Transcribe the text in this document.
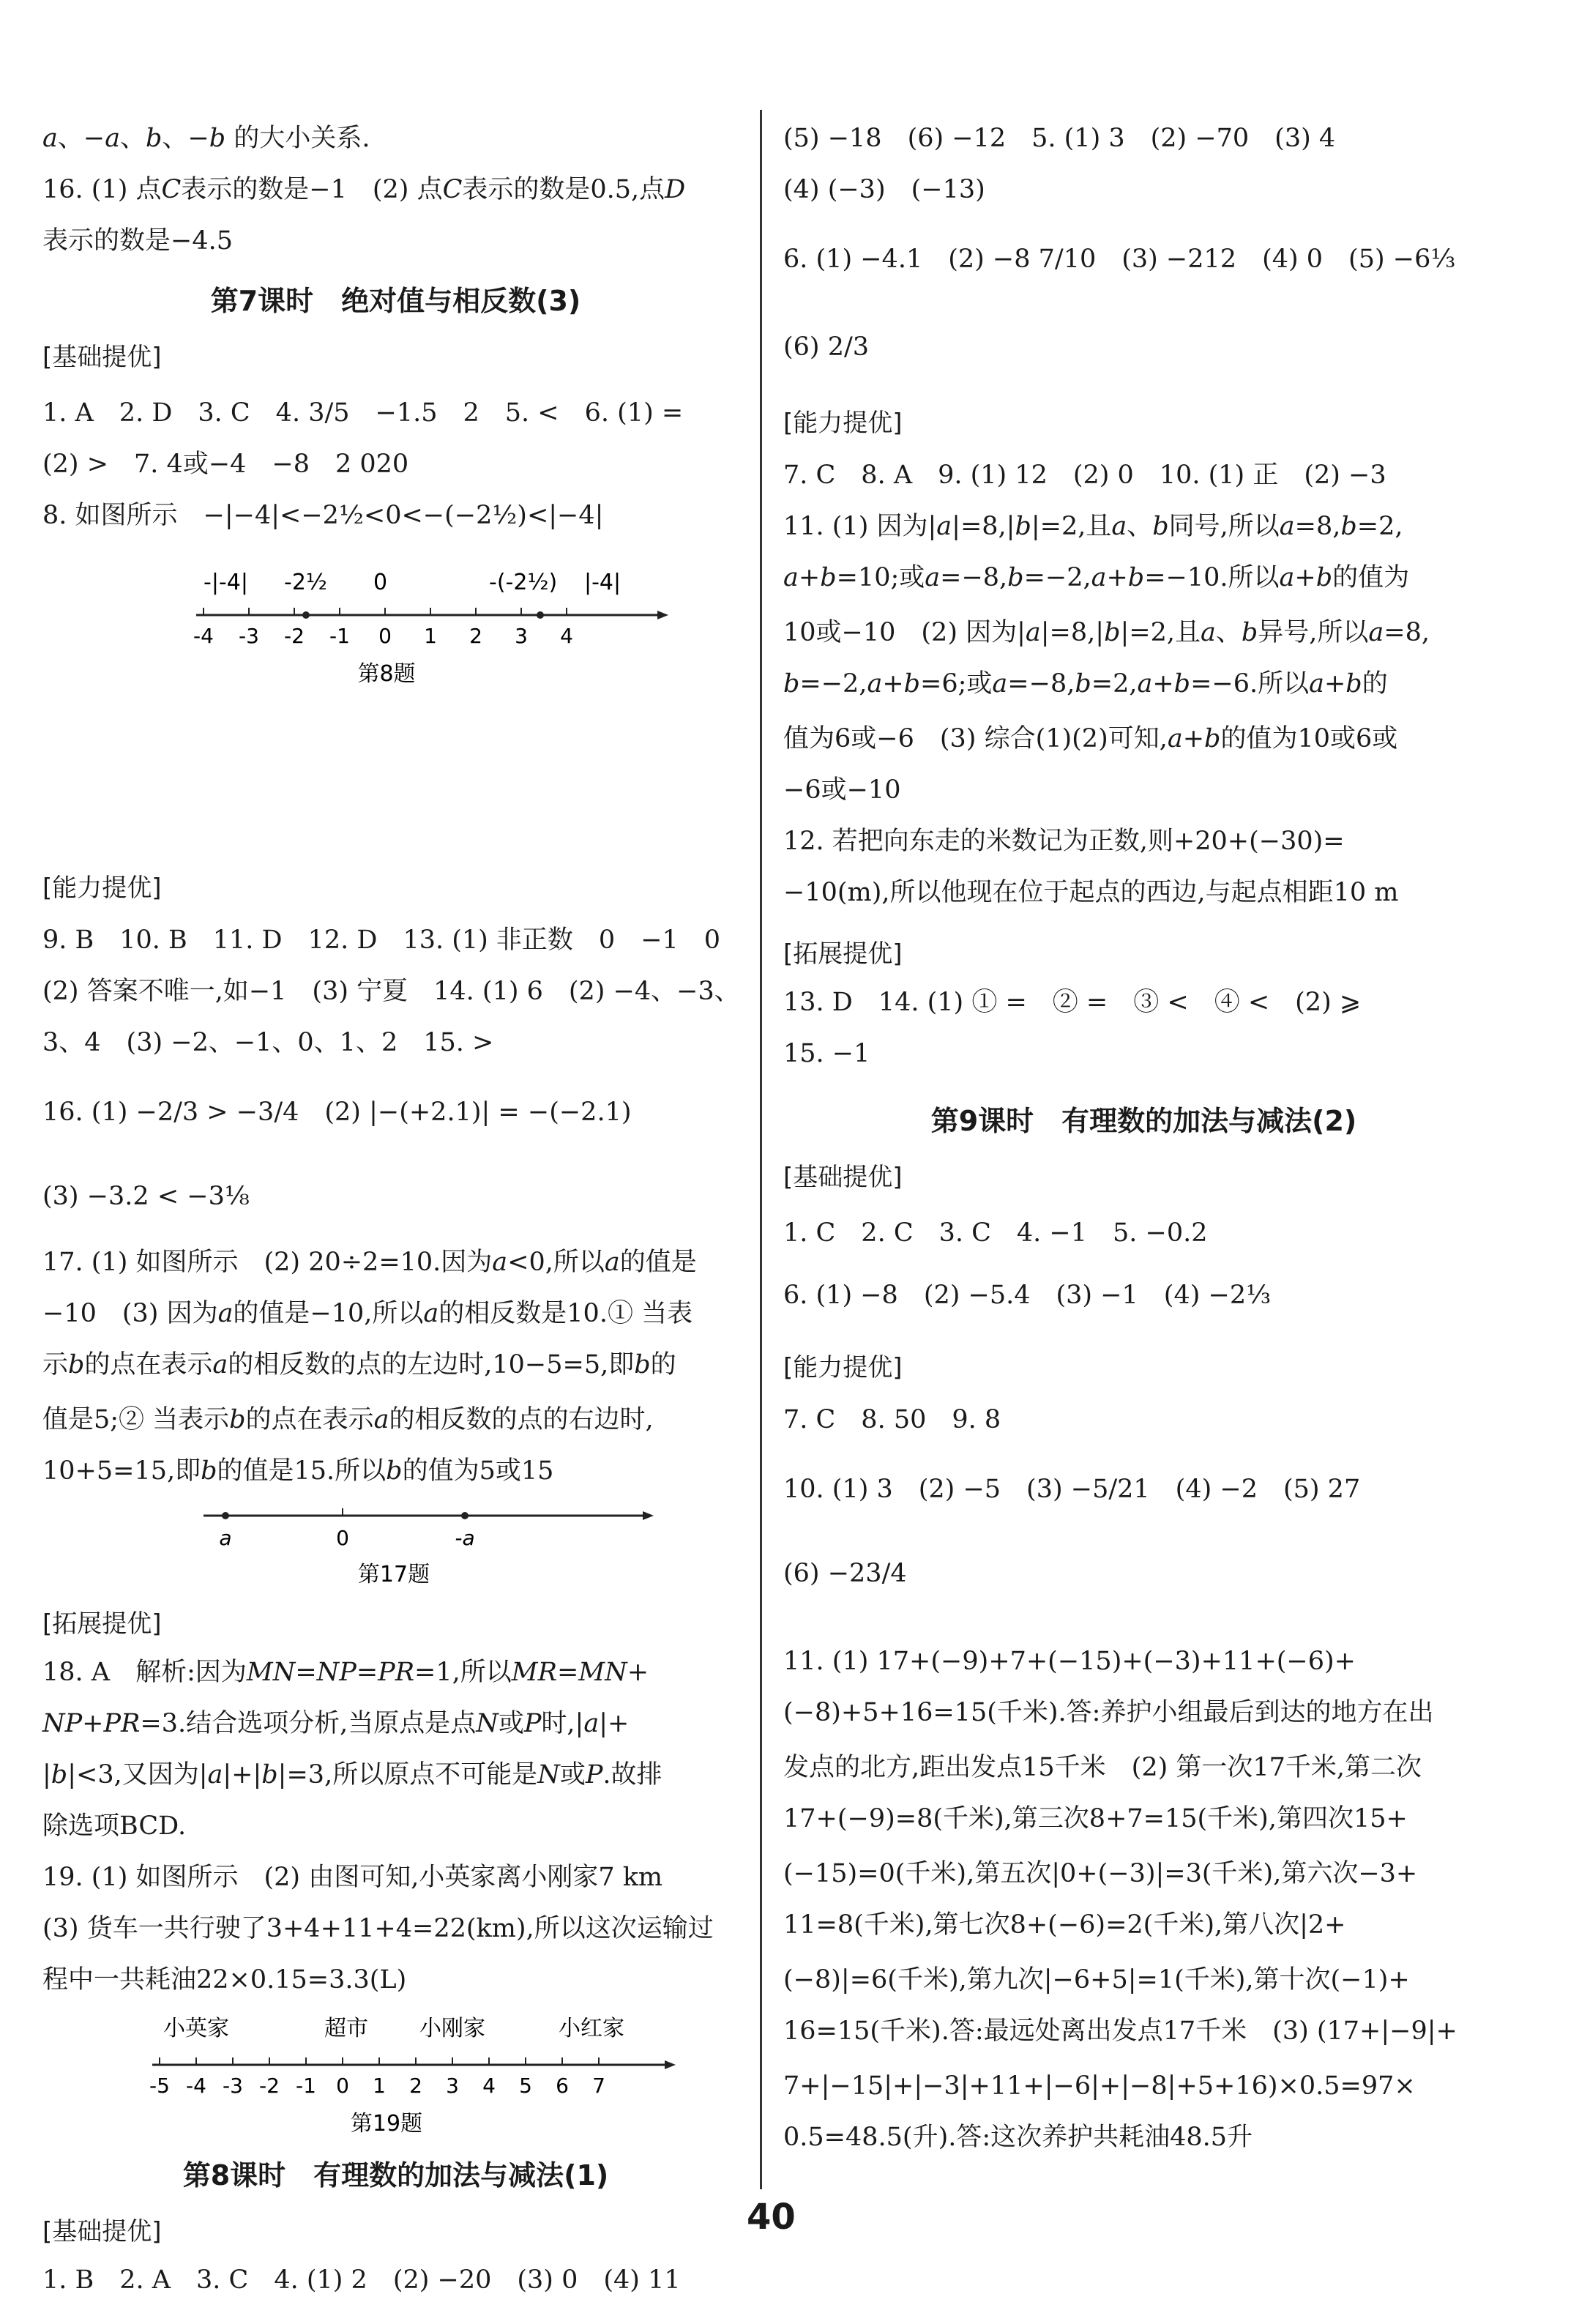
𝑎、−𝑎、𝑏、−𝑏 的大小关系.
16. (1) 点𝐶表示的数是−1　(2) 点𝐶表示的数是0.5,点𝐷
表示的数是−4.5
第7课时　绝对值与相反数(3)
[基础提优]
1. A　2. D　3. C　4. 3/5　−1.5　2　5. <　6. (1) =
(2) >　7. 4或−4　−8　2 020
8. 如图所示　−|−4|<−2½<0<−(−2½)<|−4|
-|-4| -2½ 0	-(-2½) |-4|
-4 -3 -2 -1 0 1 2 3 4
第8题
[能力提优]
9. B　10. B　11. D　12. D　13. (1) 非正数　0　−1　0
(2) 答案不唯一,如−1　(3) 宁夏　14. (1) 6　(2) −4、−3、
3、4　(3) −2、−1、0、1、2　15. >
16. (1) −2/3 > −3/4　(2) |−(+2.1)| = −(−2.1)
(3) −3.2 < −3⅛
17. (1) 如图所示　(2) 20÷2=10.因为𝑎<0,所以𝑎的值是
−10　(3) 因为𝑎的值是−10,所以𝑎的相反数是10.① 当表
示𝑏的点在表示𝑎的相反数的点的左边时,10−5=5,即𝑏的
值是5;② 当表示𝑏的点在表示𝑎的相反数的点的右边时,
10+5=15,即𝑏的值是15.所以𝑏的值为5或15
a	0	-a
第17题
[拓展提优]
18. A　解析:因为𝑀𝑁=𝑁𝑃=𝑃𝑅=1,所以𝑀𝑅=𝑀𝑁+
𝑁𝑃+𝑃𝑅=3.结合选项分析,当原点是点𝑁或𝑃时,|𝑎|+
|𝑏|<3,又因为|𝑎|+|𝑏|=3,所以原点不可能是𝑁或𝑃.故排
除选项BCD.
19. (1) 如图所示　(2) 由图可知,小英家离小刚家7 km
(3) 货车一共行驶了3+4+11+4=22(km),所以这次运输过
程中一共耗油22×0.15=3.3(L)
小英家	超市 小刚家	小红家
-5 -4 -3 -2 -1 0 1 2 3 4 5 6 7
第19题
第8课时　有理数的加法与减法(1)
[基础提优]
1. B　2. A　3. C　4. (1) 2　(2) −20　(3) 0　(4) 11
(5) −18　(6) −12　5. (1) 3　(2) −70　(3) 4
(4) (−3)　(−13)
6. (1) −4.1　(2) −8 7/10　(3) −212　(4) 0　(5) −6⅓
(6) 2/3
[能力提优]
7. C　8. A　9. (1) 12　(2) 0　10. (1) 正　(2) −3
11. (1) 因为|𝑎|=8,|𝑏|=2,且𝑎、𝑏同号,所以𝑎=8,𝑏=2,
𝑎+𝑏=10;或𝑎=−8,𝑏=−2,𝑎+𝑏=−10.所以𝑎+𝑏的值为
10或−10　(2) 因为|𝑎|=8,|𝑏|=2,且𝑎、𝑏异号,所以𝑎=8,
𝑏=−2,𝑎+𝑏=6;或𝑎=−8,𝑏=2,𝑎+𝑏=−6.所以𝑎+𝑏的
值为6或−6　(3) 综合(1)(2)可知,𝑎+𝑏的值为10或6或
−6或−10
12. 若把向东走的米数记为正数,则+20+(−30)=
−10(m),所以他现在位于起点的西边,与起点相距10 m
[拓展提优]
13. D　14. (1) ① =　② =　③ <　④ <　(2) ⩾
15. −1
第9课时　有理数的加法与减法(2)
[基础提优]
1. C　2. C　3. C　4. −1　5. −0.2
6. (1) −8　(2) −5.4　(3) −1　(4) −2⅓
[能力提优]
7. C　8. 50　9. 8
10. (1) 3　(2) −5　(3) −5/21　(4) −2　(5) 27
(6) −23/4
11. (1) 17+(−9)+7+(−15)+(−3)+11+(−6)+
(−8)+5+16=15(千米).答:养护小组最后到达的地方在出
发点的北方,距出发点15千米　(2) 第一次17千米,第二次
17+(−9)=8(千米),第三次8+7=15(千米),第四次15+
(−15)=0(千米),第五次|0+(−3)|=3(千米),第六次−3+
11=8(千米),第七次8+(−6)=2(千米),第八次|2+
(−8)|=6(千米),第九次|−6+5|=1(千米),第十次(−1)+
16=15(千米).答:最远处离出发点17千米　(3) (17+|−9|+
7+|−15|+|−3|+11+|−6|+|−8|+5+16)×0.5=97×
0.5=48.5(升).答:这次养护共耗油48.5升
40
